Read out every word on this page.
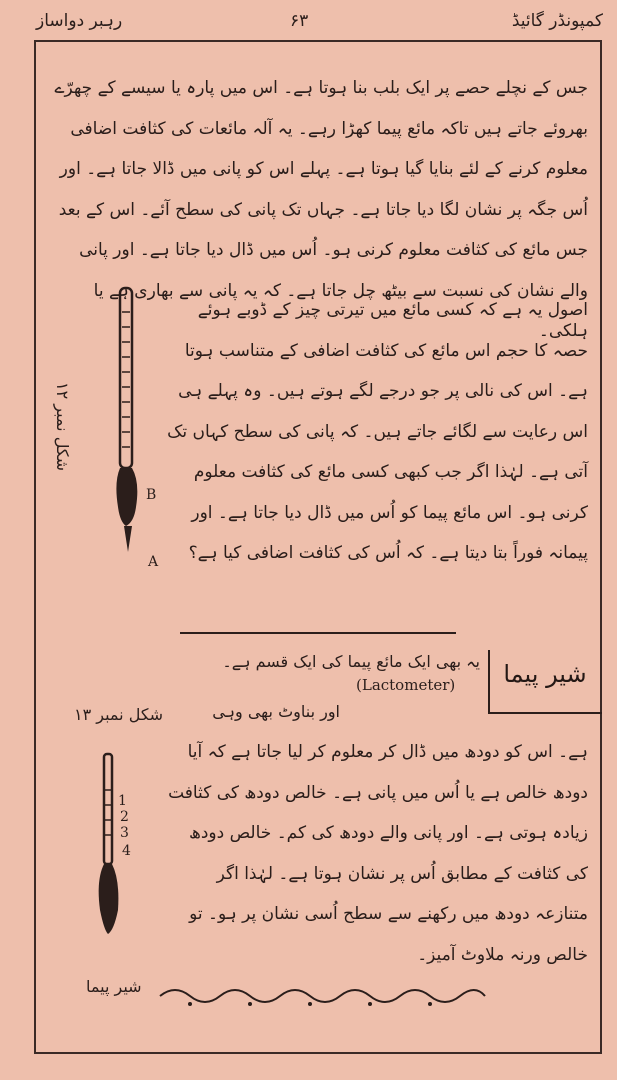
رہبر دواساز	۶۳	کمپونڈر گائیڈ
جس کے نچلے حصے پر ایک بلب بنا ہوتا ہے۔ اس میں پارہ یا سیسے کے چھرّے بھروئے جاتے ہیں تاکہ مائع پیما کھڑا رہے۔ یہ آلہ مائعات کی کثافت اضافی معلوم کرنے کے لئے بنایا گیا ہوتا ہے۔ پہلے اس کو پانی میں ڈالا جاتا ہے۔ اور اُس جگہ پر نشان لگا دیا جاتا ہے۔ جہاں تک پانی کی سطح آئے۔ اس کے بعد جس مائع کی کثافت معلوم کرنی ہو۔ اُس میں ڈال دیا جاتا ہے۔ اور پانی والے نشان کی نسبت سے بیٹھ چل جاتا ہے۔ کہ یہ پانی سے بھاری ہے یا ہلکی۔
B
A
شکل نمبر ۱۲
اصول یہ ہے کہ کسی مائع میں تیرتی چیز کے ڈوبے ہوئے حصہ کا حجم اس مائع کی کثافت اضافی کے متناسب ہوتا ہے۔ اس کی نالی پر جو درجے لگے ہوتے ہیں۔ وہ پہلے ہی اس رعایت سے لگائے جاتے ہیں۔ کہ پانی کی سطح کہاں تک آتی ہے۔ لہٰذا اگر جب کبھی کسی مائع کی کثافت معلوم کرنی ہو۔ اس مائع پیما کو اُس میں ڈال دیا جاتا ہے۔ اور پیمانہ فوراً بتا دیتا ہے۔ کہ اُس کی کثافت اضافی کیا ہے؟
شیر پیما
(Lactometer)
یہ بھی ایک مائع پیما کی ایک قسم ہے۔
اور بناوٹ بھی وہی
شکل نمبر ۱۳
1
2
3
4
ہے۔ اس کو دودھ میں ڈال کر معلوم کر لیا جاتا ہے کہ آیا دودھ خالص ہے یا اُس میں پانی ہے۔ خالص دودھ کی کثافت زیادہ ہوتی ہے۔ اور پانی والے دودھ کی کم۔ خالص دودھ کی کثافت کے مطابق اُس پر نشان ہوتا ہے۔ لہٰذا اگر متنازعہ دودھ میں رکھنے سے سطح اُسی نشان پر ہو۔ تو خالص ورنہ ملاوٹ آمیز۔
شیر پیما
